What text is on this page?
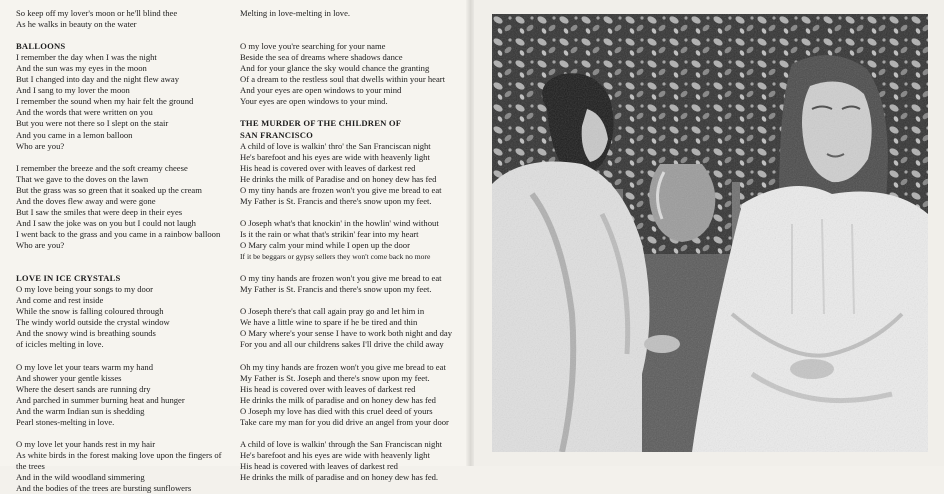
So keep off my lover's moon or he'll blind thee
As he walks in beauty on the water
BALLOONS
I remember the day when I was the night
And the sun was my eyes in the moon
But I changed into day and the night flew away
And I sang to my lover the moon
I remember the sound when my hair felt the ground
And the words that were written on you
But you were not there so I slept on the stair
And you came in a lemon balloon
Who are you?
I remember the breeze and the soft creamy cheese
That we gave to the doves on the lawn
But the grass was so green that it soaked up the cream
And the doves flew away and were gone
But I saw the smiles that were deep in their eyes
And I saw the joke was on you but I could not laugh
I went back to the grass and you came in a rainbow balloon
Who are you?
LOVE IN ICE CRYSTALS
O my love being your songs to my door
And come and rest inside
While the snow is falling coloured through
The windy world outside the crystal window
And the snowy wind is breathing sounds
of icicles melting in love.
O my love let your tears warm my hand
And shower your gentle kisses
Where the desert sands are running dry
And parched in summer burning heat and hunger
And the warm Indian sun is shedding
Pearl stones-melting in love.
O my love let your hands rest in my hair
As white birds in the forest making love upon the fingers of
the trees
And in the wild woodland simmering
And the bodies of the trees are bursting sunflowers
Melting in love-melting in love.
O my love you're searching for your name
Beside the sea of dreams where shadows dance
And for your glance the sky would chance the granting
Of a dream to the restless soul that dwells within your heart
And your eyes are open windows to your mind
Your eyes are open windows to your mind.
THE MURDER OF THE CHILDREN OF
SAN FRANCISCO
A child of love is walkin' thro' the San Franciscan night
He's barefoot and his eyes are wide with heavenly light
His head is covered over with leaves of darkest red
He drinks the milk of Paradise and on honey dew has fed
O my tiny hands are frozen won't you give me bread to eat
My Father is St. Francis and there's snow upon my feet.
O Joseph what's that knockin' in the howlin' wind without
Is it the rain or what that's strikin' fear into my heart
O Mary calm your mind while I open up the door
If it be beggars or gypsy sellers they won't come back no more
O my tiny hands are frozen won't you give me bread to eat
My Father is St. Francis and there's snow upon my feet.
O Joseph there's that call again pray go and let him in
We have a little wine to spare if he be tired and thin
O Mary where's your sense I have to work both night and day
For you and all our childrens sakes I'll drive the child away
Oh my tiny hands are frozen won't you give me bread to eat
My Father is St. Joseph and there's snow upon my feet.
His head is covered over with leaves of darkest red
He drinks the milk of paradise and on honey dew has fed
O Joseph my love has died with this cruel deed of yours
Take care my man for you did drive an angel from your door
A child of love is walkin' through the San Franciscan night
He's barefoot and his eyes are wide with heavenly light
His head is covered with leaves of darkest red
He drinks the milk of paradise and on honey dew has fed.
